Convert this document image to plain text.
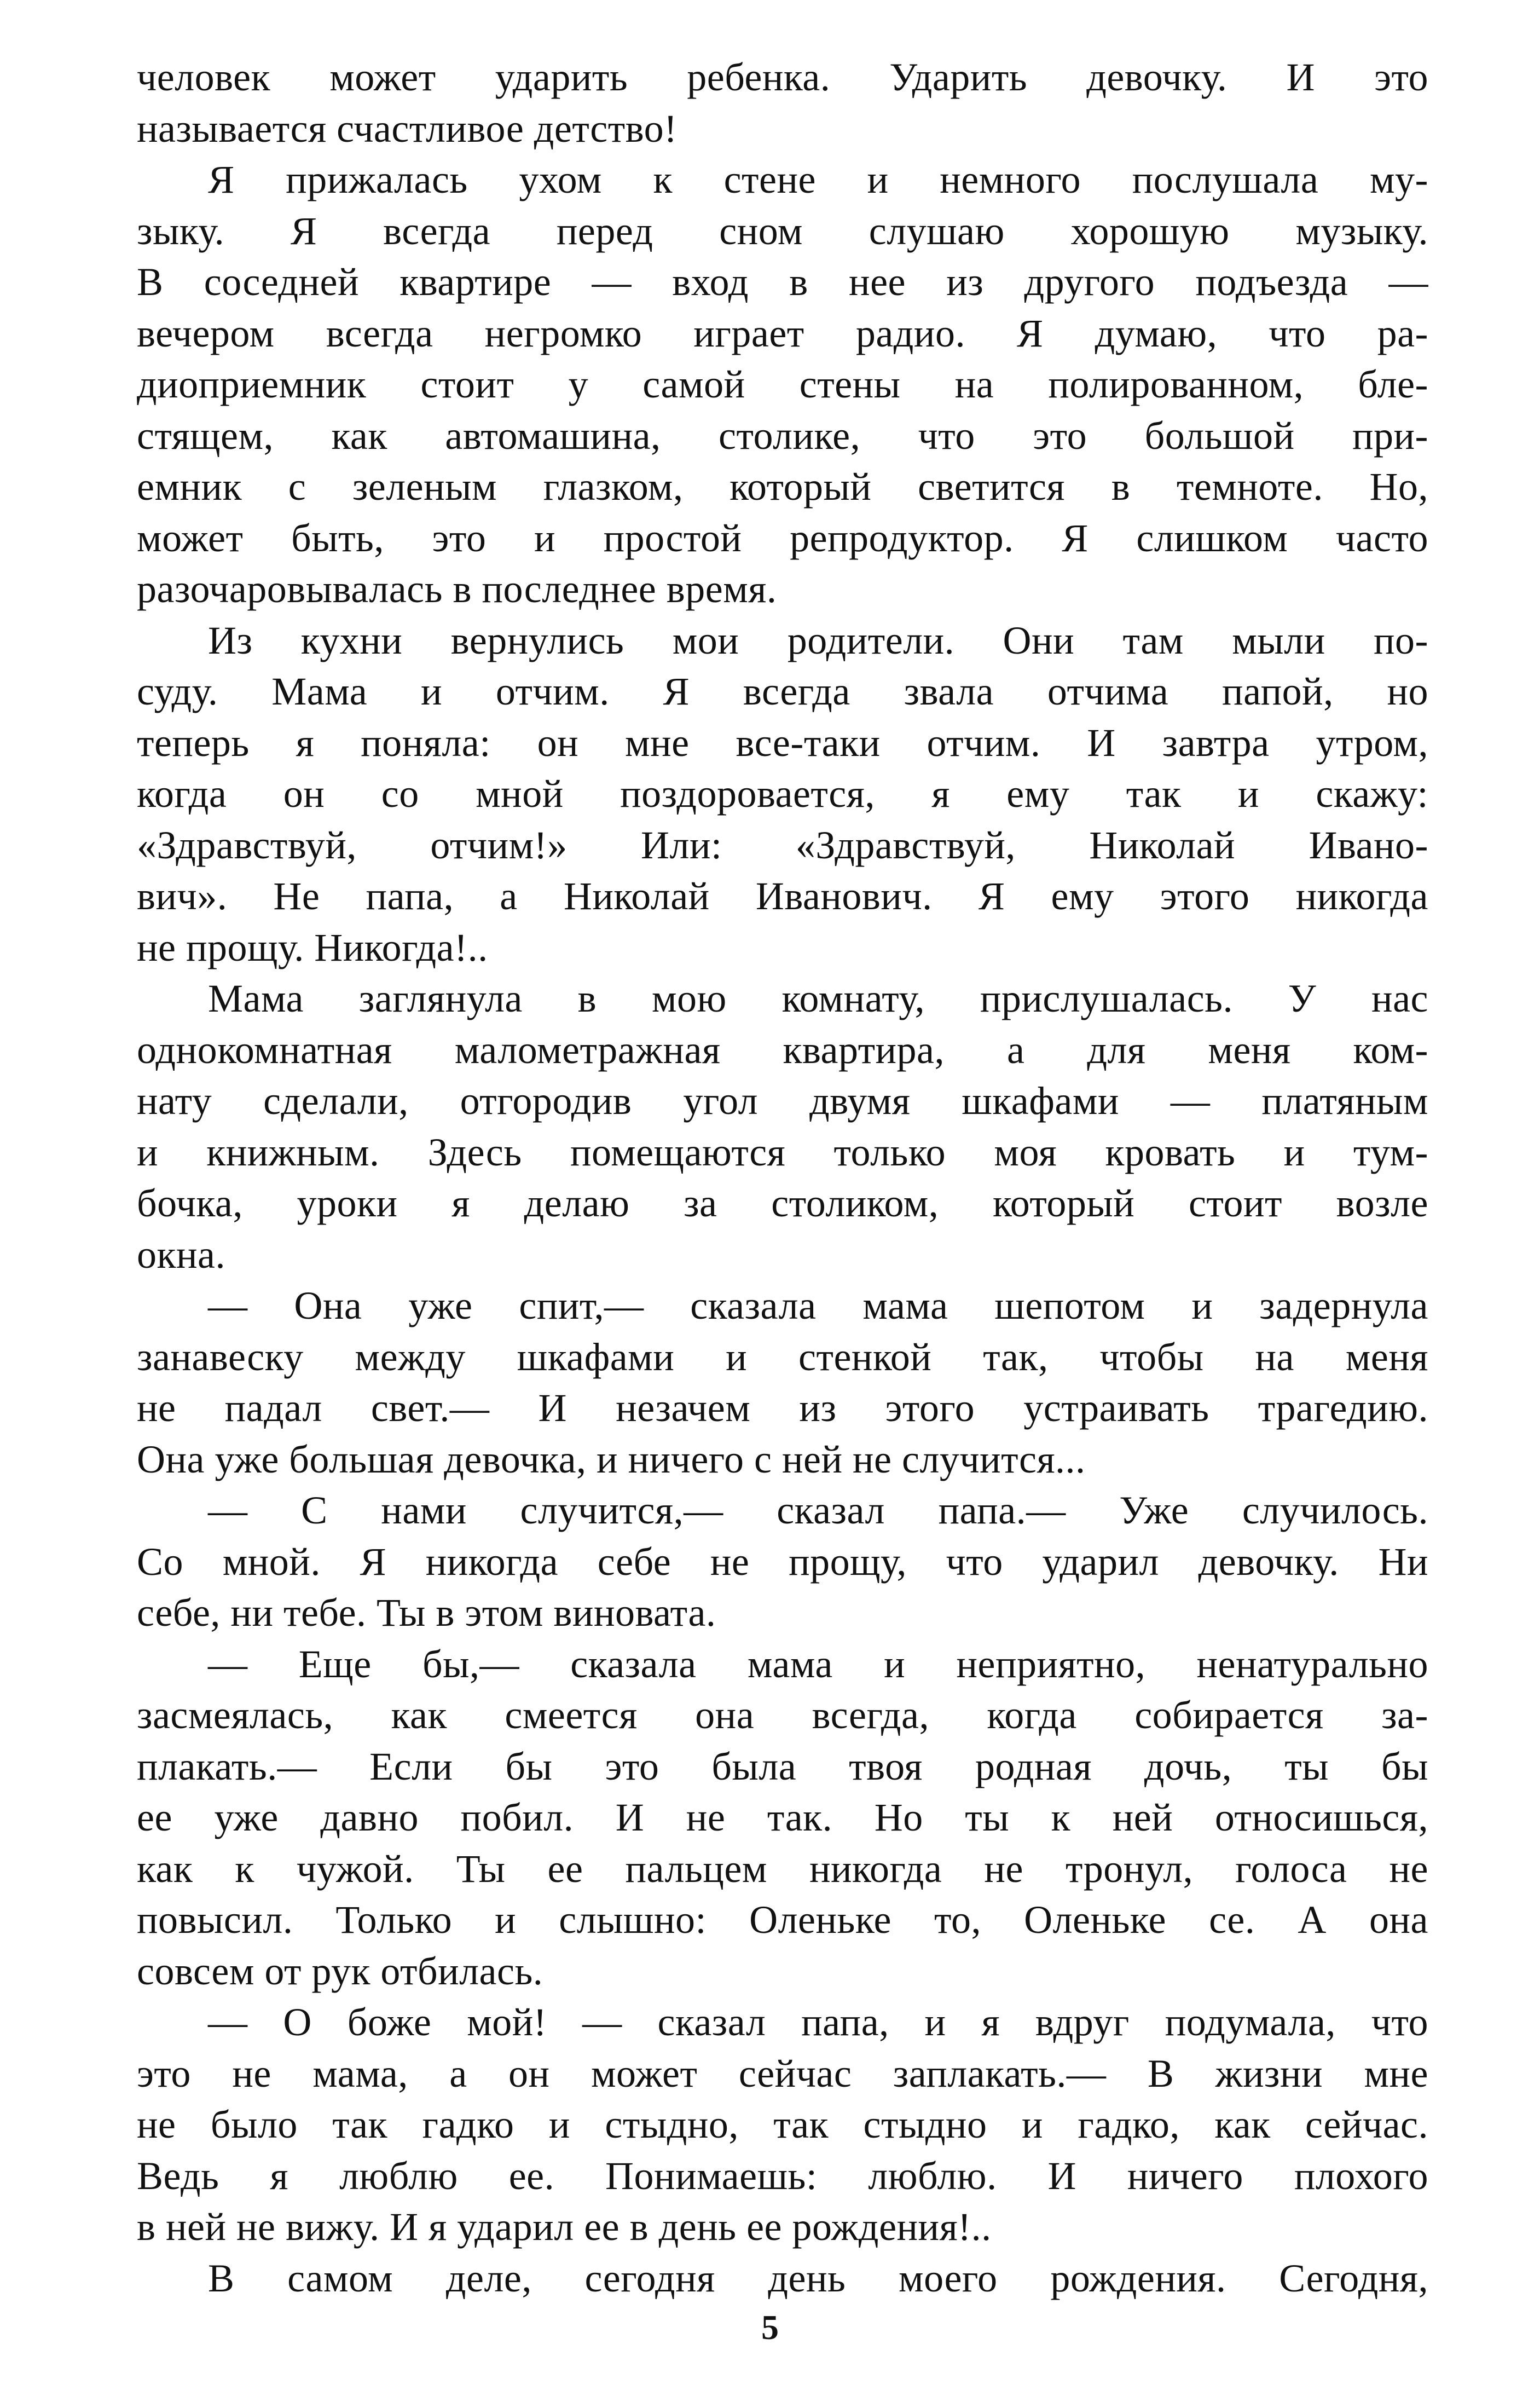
человек может ударить ребенка. Ударить девочку. И это
называется счастливое детство!
Я прижалась ухом к стене и немного послушала му-
зыку. Я всегда перед сном слушаю хорошую музыку.
В соседней квартире — вход в нее из другого подъезда —
вечером всегда негромко играет радио. Я думаю, что ра-
диоприемник стоит у самой стены на полированном, бле-
стящем, как автомашина, столике, что это большой при-
емник с зеленым глазком, который светится в темноте. Но,
может быть, это и простой репродуктор. Я слишком часто
разочаровывалась в последнее время.
Из кухни вернулись мои родители. Они там мыли по-
суду. Мама и отчим. Я всегда звала отчима папой, но
теперь я поняла: он мне все-таки отчим. И завтра утром,
когда он со мной поздоровается, я ему так и скажу:
«Здравствуй, отчим!» Или: «Здравствуй, Николай Ивано-
вич». Не папа, а Николай Иванович. Я ему этого никогда
не прощу. Никогда!..
Мама заглянула в мою комнату, прислушалась. У нас
однокомнатная малометражная квартира, а для меня ком-
нату сделали, отгородив угол двумя шкафами — платяным
и книжным. Здесь помещаются только моя кровать и тум-
бочка, уроки я делаю за столиком, который стоит возле
окна.
— Она уже спит,— сказала мама шепотом и задернула
занавеску между шкафами и стенкой так, чтобы на меня
не падал свет.— И незачем из этого устраивать трагедию.
Она уже большая девочка, и ничего с ней не случится...
— С нами случится,— сказал папа.— Уже случилось.
Со мной. Я никогда себе не прощу, что ударил девочку. Ни
себе, ни тебе. Ты в этом виновата.
— Еще бы,— сказала мама и неприятно, ненатурально
засмеялась, как смеется она всегда, когда собирается за-
плакать.— Если бы это была твоя родная дочь, ты бы
ее уже давно побил. И не так. Но ты к ней относишься,
как к чужой. Ты ее пальцем никогда не тронул, голоса не
повысил. Только и слышно: Оленьке то, Оленьке се. А она
совсем от рук отбилась.
— О боже мой! — сказал папа, и я вдруг подумала, что
это не мама, а он может сейчас заплакать.— В жизни мне
не было так гадко и стыдно, так стыдно и гадко, как сейчас.
Ведь я люблю ее. Понимаешь: люблю. И ничего плохого
в ней не вижу. И я ударил ее в день ее рождения!..
В самом деле, сегодня день моего рождения. Сегодня,
5
